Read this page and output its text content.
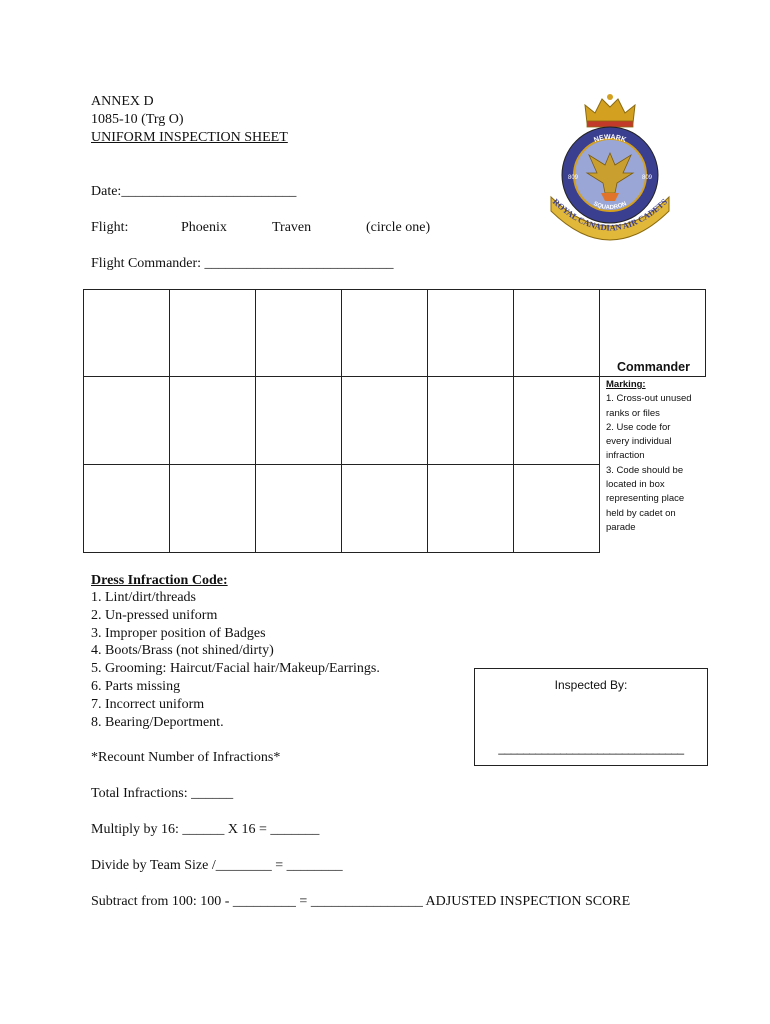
ANNEX D
1085-10 (Trg O)
UNIFORM INSPECTION SHEET
Date:_________________________
Flight:	Phoenix	Traven	(circle one)
Flight Commander: ___________________________
NEWARK
SQUADRON
809	809
ROYAL CANADIAN AIR CADETS
Commander
Marking:
1. Cross-out unused
ranks or files
2. Use code for
every individual
infraction
3. Code should be
located in box
representing place
held by cadet on
parade
Dress Infraction Code:
1. Lint/dirt/threads
2. Un-pressed uniform
3. Improper position of Badges
4. Boots/Brass (not shined/dirty)
5. Grooming: Haircut/Facial hair/Makeup/Earrings.
6. Parts missing
7. Incorrect uniform
8. Bearing/Deportment.
*Recount Number of Infractions*
Inspected By:
______________________________
Total Infractions: ______
Multiply by 16: ______ X 16 = _______
Divide by Team Size /________ = ________
Subtract from 100: 100 - _________ = ________________ ADJUSTED INSPECTION SCORE
